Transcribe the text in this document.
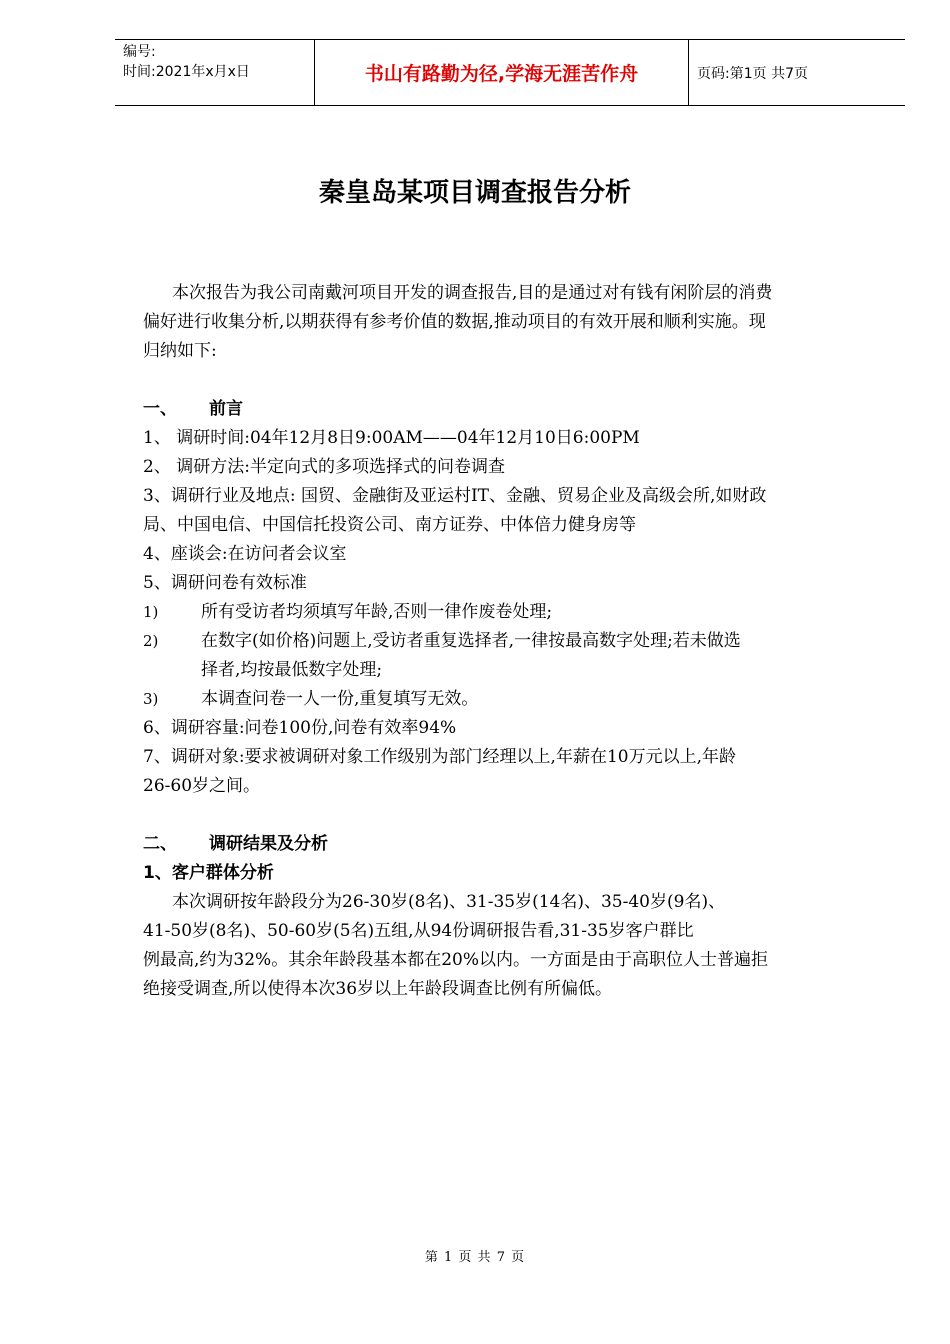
编号:
时间:2021年x月x日	书山有路勤为径,学海无涯苦作舟	页码:第1页 共7页
秦皇岛某项目调查报告分析
本次报告为我公司南戴河项目开发的调查报告,目的是通过对有钱有闲阶层的消费
偏好进行收集分析,以期获得有参考价值的数据,推动项目的有效开展和顺利实施。现
归纳如下:
一、 前言
1、 调研时间:04年12月8日9:00AM——04年12月10日6:00PM
2、 调研方法:半定向式的多项选择式的问卷调查
3、调研行业及地点: 国贸、金融街及亚运村IT、金融、贸易企业及高级会所,如财政
局、中国电信、中国信托投资公司、南方证券、中体倍力健身房等
4、座谈会:在访问者会议室
5、调研问卷有效标准
1)	所有受访者均须填写年龄,否则一律作废卷处理;
2)	在数字(如价格)问题上,受访者重复选择者,一律按最高数字处理;若未做选
择者,均按最低数字处理;
3)	本调查问卷一人一份,重复填写无效。
6、调研容量:问卷100份,问卷有效率94%
7、调研对象:要求被调研对象工作级别为部门经理以上,年薪在10万元以上,年龄
26-60岁之间。
二、 调研结果及分析
1、客户群体分析
本次调研按年龄段分为26-30岁(8名)、31-35岁(14名)、35-40岁(9名)、
41-50岁(8名)、50-60岁(5名)五组,从94份调研报告看,31-35岁客户群比
例最高,约为32%。其余年龄段基本都在20%以内。一方面是由于高职位人士普遍拒
绝接受调查,所以使得本次36岁以上年龄段调查比例有所偏低。
第 1 页 共 7 页
